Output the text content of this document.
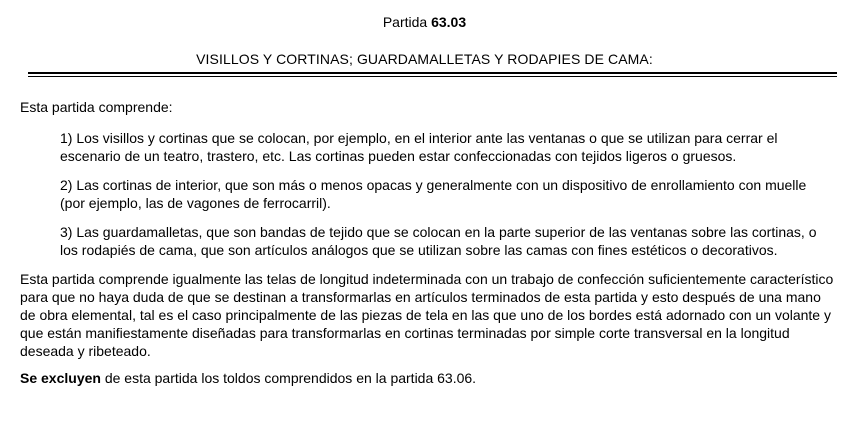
Partida 63.03
VISILLOS Y CORTINAS; GUARDAMALLETAS Y RODAPIES DE CAMA:

Esta partida comprende:

1) Los visillos y cortinas que se colocan, por ejemplo, en el interior ante las ventanas o que se utilizan para cerrar el escenario de un teatro, trastero, etc. Las cortinas pueden estar confeccionadas con tejidos ligeros o gruesos.

2) Las cortinas de interior, que son más o menos opacas y generalmente con un dispositivo de enrollamiento con muelle (por ejemplo, las de vagones de ferrocarril).

3) Las guardamalletas, que son bandas de tejido que se colocan en la parte superior de las ventanas sobre las cortinas, o los rodapiés de cama, que son artículos análogos que se utilizan sobre las camas con fines estéticos o decorativos.

Esta partida comprende igualmente las telas de longitud indeterminada con un trabajo de confección suficientemente característico para que no haya duda de que se destinan a transformarlas en artículos terminados de esta partida y esto después de una mano de obra elemental, tal es el caso principalmente de las piezas de tela en las que uno de los bordes está adornado con un volante y que están manifiestamente diseñadas para transformarlas en cortinas terminadas por simple corte transversal en la longitud deseada y ribeteado.

Se excluyen de esta partida los toldos comprendidos en la partida 63.06.
